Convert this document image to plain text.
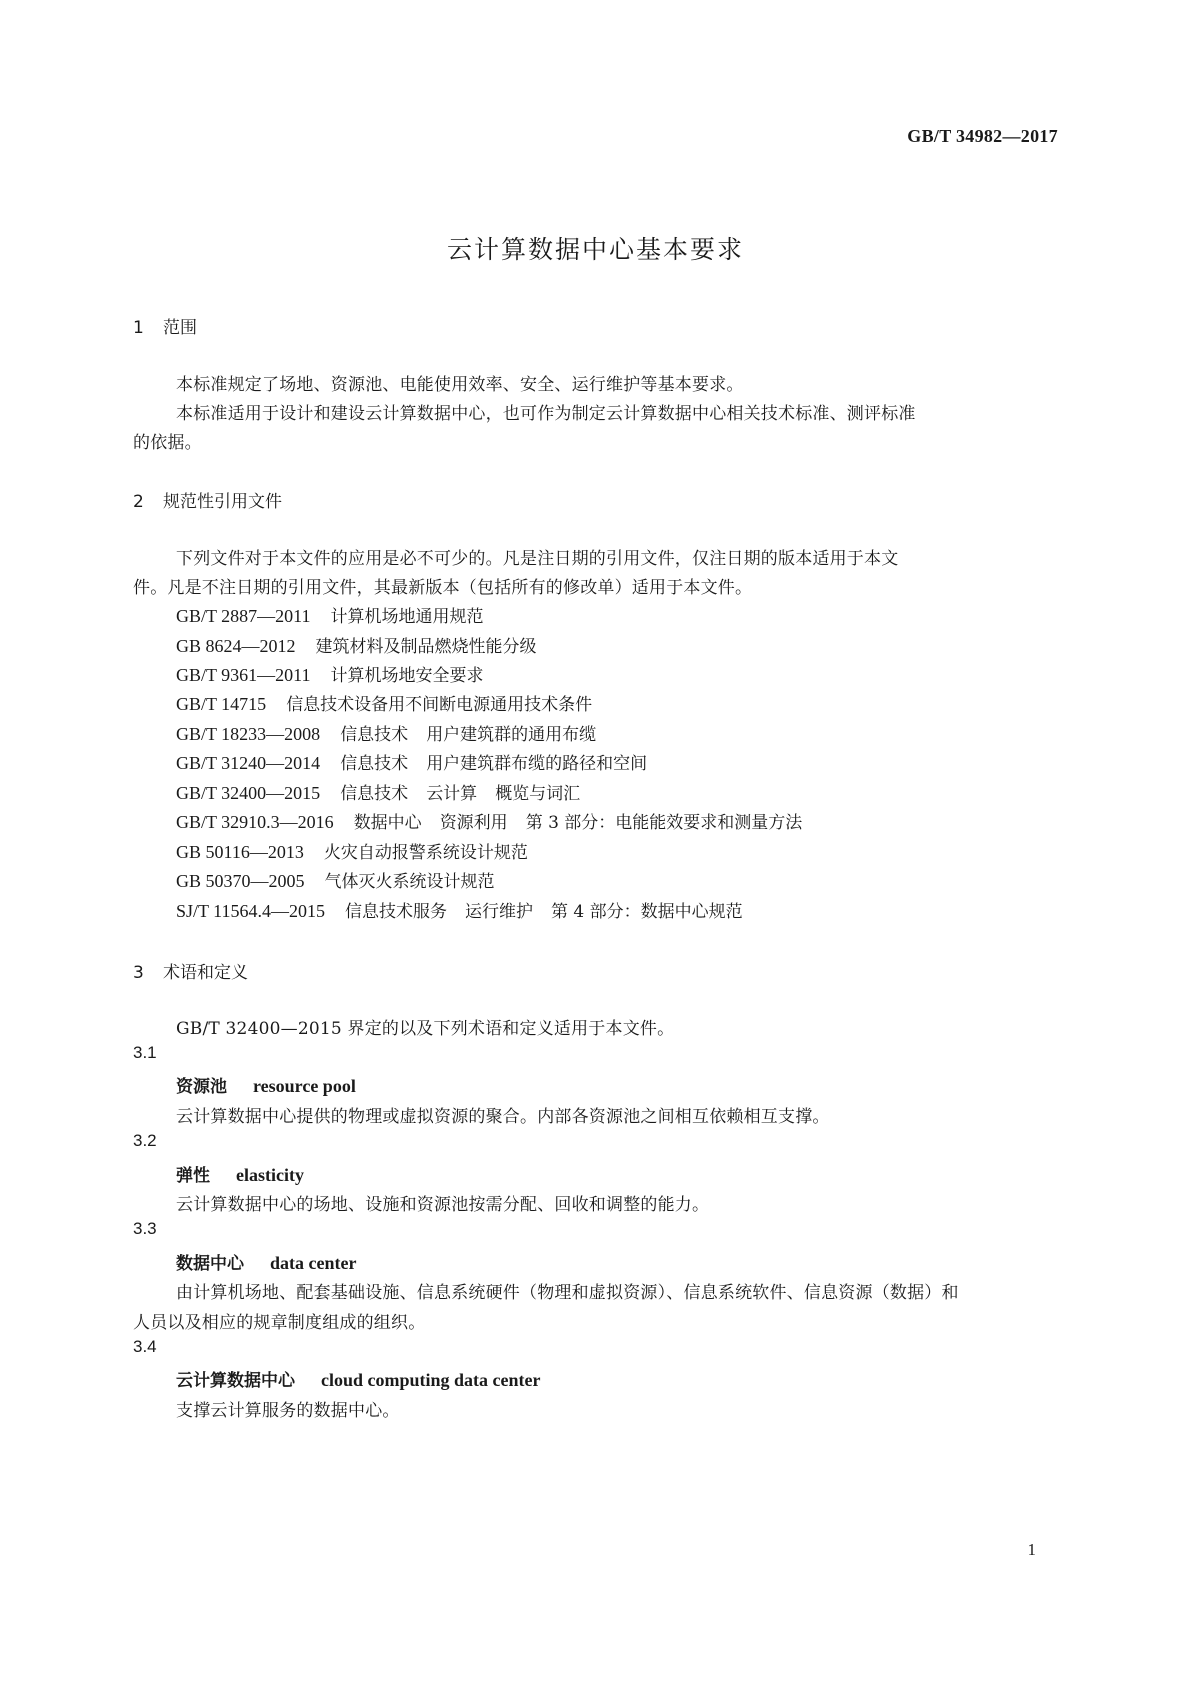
GB/T 34982—2017
云计算数据中心基本要求
1 范围
本标准规定了场地、资源池、电能使用效率、安全、运行维护等基本要求。
本标准适用于设计和建设云计算数据中心，也可作为制定云计算数据中心相关技术标准、测评标准
的依据。
2 规范性引用文件
下列文件对于本文件的应用是必不可少的。凡是注日期的引用文件，仅注日期的版本适用于本文
件。凡是不注日期的引用文件，其最新版本（包括所有的修改单）适用于本文件。
GB/T 2887—2011 计算机场地通用规范
GB 8624—2012 建筑材料及制品燃烧性能分级
GB/T 9361—2011 计算机场地安全要求
GB/T 14715 信息技术设备用不间断电源通用技术条件
GB/T 18233—2008 信息技术 用户建筑群的通用布缆
GB/T 31240—2014 信息技术 用户建筑群布缆的路径和空间
GB/T 32400—2015 信息技术 云计算 概览与词汇
GB/T 32910.3—2016 数据中心 资源利用 第 3 部分：电能能效要求和测量方法
GB 50116—2013 火灾自动报警系统设计规范
GB 50370—2005 气体灭火系统设计规范
SJ/T 11564.4—2015 信息技术服务 运行维护 第 4 部分：数据中心规范
3 术语和定义
GB/T 32400—2015 界定的以及下列术语和定义适用于本文件。
3.1
资源池 resource pool
云计算数据中心提供的物理或虚拟资源的聚合。内部各资源池之间相互依赖相互支撑。
3.2
弹性 elasticity
云计算数据中心的场地、设施和资源池按需分配、回收和调整的能力。
3.3
数据中心 data center
由计算机场地、配套基础设施、信息系统硬件（物理和虚拟资源）、信息系统软件、信息资源（数据）和
人员以及相应的规章制度组成的组织。
3.4
云计算数据中心 cloud computing data center
支撑云计算服务的数据中心。
1
